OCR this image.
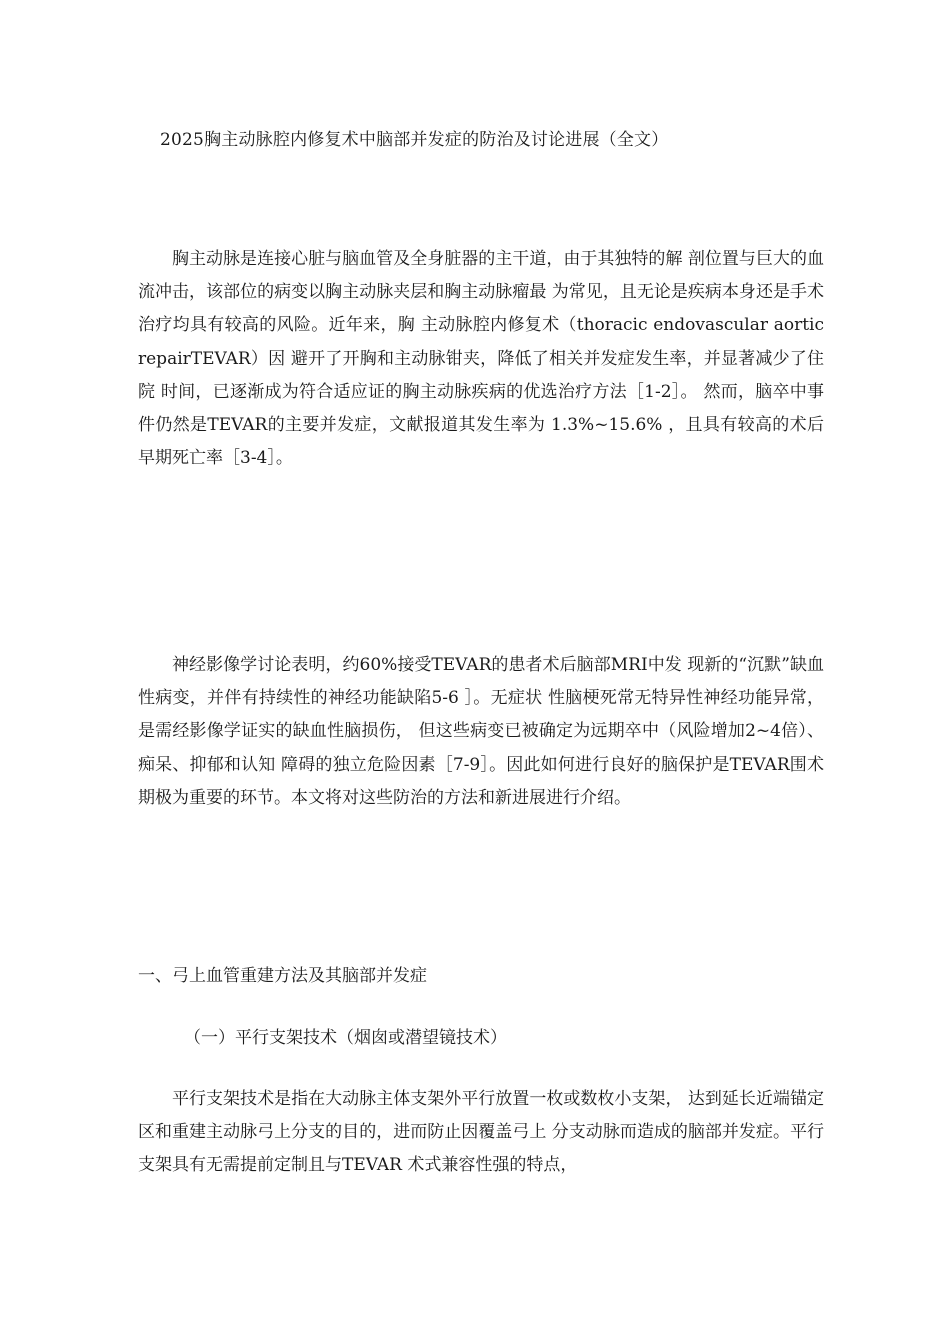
2025胸主动脉腔内修复术中脑部并发症的防治及讨论进展（全文）

胸主动脉是连接心脏与脑血管及全身脏器的主干道，由于其独特的解 剖位置与巨大的血流冲击，该部位的病变以胸主动脉夹层和胸主动脉瘤最 为常见，且无论是疾病本身还是手术治疗均具有较高的风险。近年来，胸 主动脉腔内修复术（thoracic endovascular aortic repairTEVAR）因 避开了开胸和主动脉钳夹，降低了相关并发症发生率，并显著减少了住院 时间，已逐渐成为符合适应证的胸主动脉疾病的优选治疗方法［1-2］。 然而，脑卒中事件仍然是TEVAR的主要并发症，文献报道其发生率为 1.3%~15.6% ，且具有较高的术后早期死亡率［3-4］。

神经影像学讨论表明，约60%接受TEVAR的患者术后脑部MRI中发 现新的“沉默”缺血性病变，并伴有持续性的神经功能缺陷5-6 ］。无症状 性脑梗死常无特异性神经功能异常，是需经影像学证实的缺血性脑损伤， 但这些病变已被确定为远期卒中（风险增加2~4倍）、痴呆、抑郁和认知 障碍的独立危险因素［7-9］。因此如何进行良好的脑保护是TEVAR围术 期极为重要的环节。本文将对这些防治的方法和新进展进行介绍。

一、弓上血管重建方法及其脑部并发症
（一）平行支架技术（烟囱或潜望镜技术）

平行支架技术是指在大动脉主体支架外平行放置一枚或数枚小支架， 达到延长近端锚定区和重建主动脉弓上分支的目的，进而防止因覆盖弓上 分支动脉而造成的脑部并发症。平行支架具有无需提前定制且与TEVAR 术式兼容性强的特点，
